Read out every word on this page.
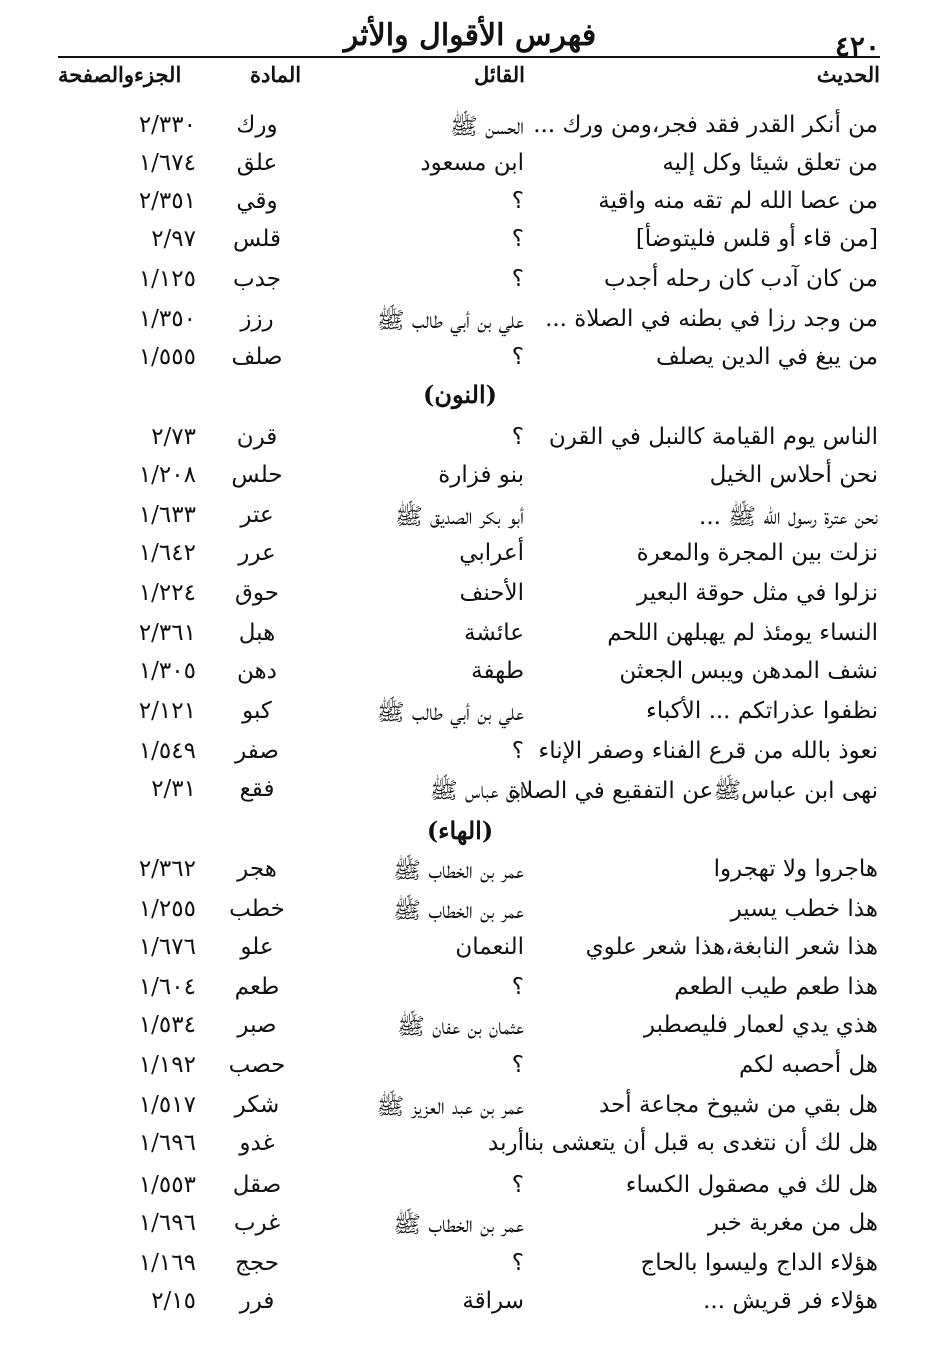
٤٢٠
فهرس الأقوال والأثر
الحديث
القائل
المادة
الجزءوالصفحة
من أنكر القدر فقد فجر،ومن ورك ...
الحسن ﷺ
ورك
٢/٣٣٠
من تعلق شيئا وكل إليه
ابن مسعود
علق
١/٦٧٤
من عصا الله لم تقه منه واقية
؟
وقي
٢/٣٥١
[من قاء أو قلس فليتوضأ]
؟
قلس
٢/٩٧
من كان آدب كان رحله أجدب
؟
جدب
١/١٢٥
من وجد رزا في بطنه في الصلاة ...
علي بن أبي طالب ﷺ
رزز
١/٣٥٠
من يبغ في الدين يصلف
؟
صلف
١/٥٥٥
(النون)
الناس يوم القيامة كالنبل في القرن
؟
قرن
٢/٧٣
نحن أحلاس الخيل
بنو فزارة
حلس
١/٢٠٨
نحن عترة رسول الله ﷺ ...
أبو بكر الصديق ﷺ
عتر
١/٦٣٣
نزلت بين المجرة والمعرة
أعرابي
عرر
١/٦٤٢
نزلوا في مثل حوقة البعير
الأحنف
حوق
١/٢٢٤
النساء يومئذ لم يهبلهن اللحم
عائشة
هبل
٢/٣٦١
نشف المدهن ويبس الجعثن
طهفة
دهن
١/٣٠٥
نظفوا عذراتكم ... الأكباء
علي بن أبي طالب ﷺ
كبو
٢/١٢١
نعوذ بالله من قرع الفناء وصفر الإناء
؟
صفر
١/٥٤٩
نهى ابن عباسﷺعن التفقيع في الصلاة
ابن عباس ﷺ
فقع
٢/٣١
(الهاء)
هاجروا ولا تهجروا
عمر بن الخطاب ﷺ
هجر
٢/٣٦٢
هذا خطب يسير
عمر بن الخطاب ﷺ
خطب
١/٢٥٥
هذا شعر النابغة،هذا شعر علوي
النعمان
علو
١/٦٧٦
هذا طعم طيب الطعم
؟
طعم
١/٦٠٤
هذي يدي لعمار فليصطبر
عثمان بن عفان ﷺ
صبر
١/٥٣٤
هل أحصبه لكم
؟
حصب
١/١٩٢
هل بقي من شيوخ مجاعة أحد
عمر بن عبد العزيز ﷺ
شكر
١/٥١٧
هل لك أن نتغدى به قبل أن يتعشى بنا
أربد
غدو
١/٦٩٦
هل لك في مصقول الكساء
؟
صقل
١/٥٥٣
هل من مغربة خبر
عمر بن الخطاب ﷺ
غرب
١/٦٩٦
هؤلاء الداج وليسوا بالحاج
؟
حجج
١/١٦٩
هؤلاء فر قريش ...
سراقة
فرر
٢/١٥
